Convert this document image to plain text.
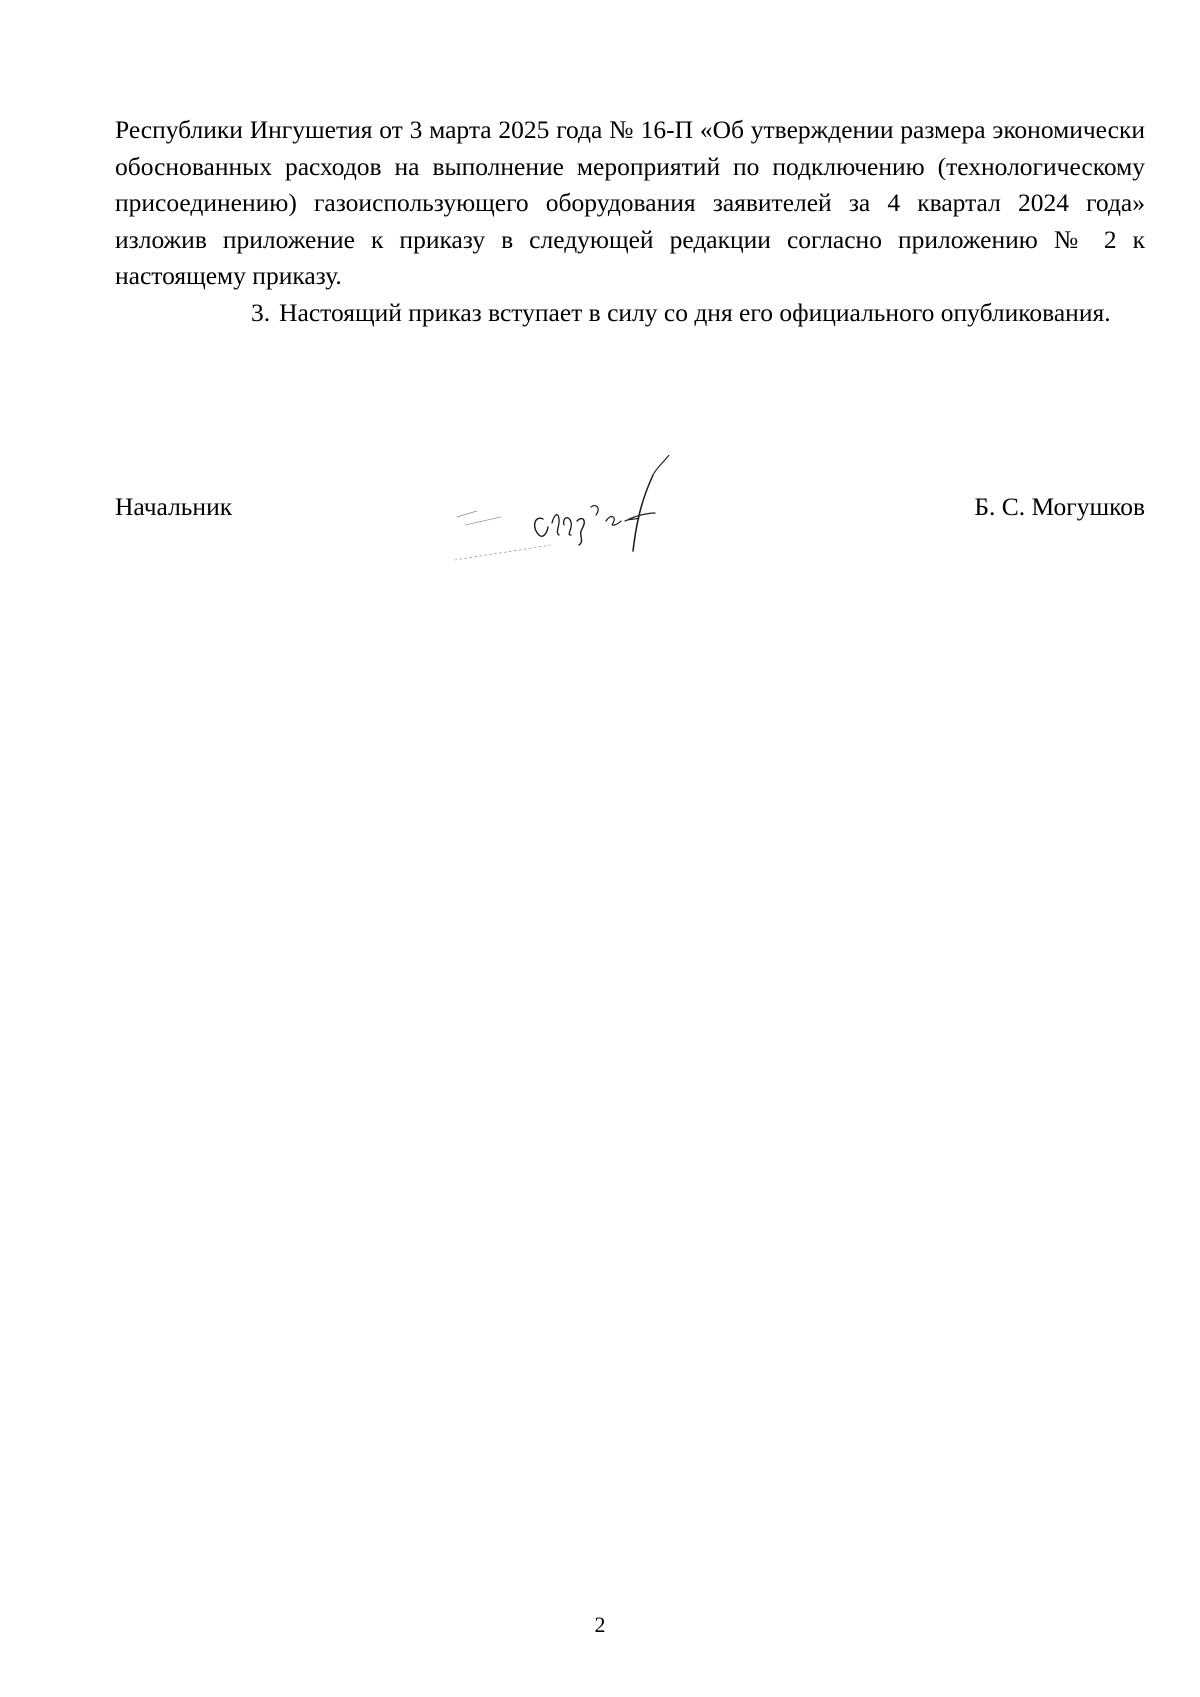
Республики Ингушетия от 3 марта 2025 года № 16-П «Об утверждении размера экономически обоснованных расходов на выполнение мероприятий по подключению (технологическому присоединению) газоиспользующего оборудования заявителей за 4 квартал 2024 года» изложив приложение к приказу в следующей редакции согласно приложению № 2 к настоящему приказу.

3. Настоящий приказ вступает в силу со дня его официального опубликования.

Начальник	Б. С. Могушков
2
